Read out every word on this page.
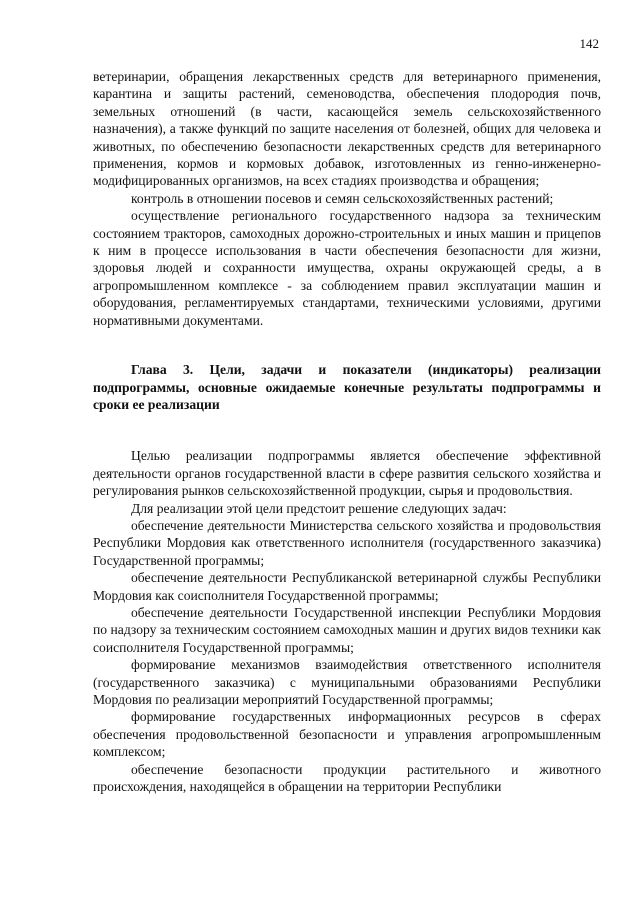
142

ветеринарии, обращения лекарственных средств для ветеринарного применения, карантина и защиты растений, семеноводства, обеспечения плодородия почв, земельных отношений (в части, касающейся земель сельскохозяйственного назначения), а также функций по защите населения от болезней, общих для человека и животных, по обеспечению безопасности лекарственных средств для ветеринарного применения, кормов и кормовых добавок, изготовленных из генно-инженерно-модифицированных организмов, на всех стадиях производства и обращения;

контроль в отношении посевов и семян сельскохозяйственных растений;

осуществление регионального государственного надзора за техническим состоянием тракторов, самоходных дорожно-строительных и иных машин и прицепов к ним в процессе использования в части обеспечения безопасности для жизни, здоровья людей и сохранности имущества, охраны окружающей среды, а в агропромышленном комплексе - за соблюдением правил эксплуатации машин и оборудования, регламентируемых стандартами, техническими условиями, другими нормативными документами.

Глава 3. Цели, задачи и показатели (индикаторы) реализации подпрограммы, основные ожидаемые конечные результаты подпрограммы и сроки ее реализации

Целью реализации подпрограммы является обеспечение эффективной деятельности органов государственной власти в сфере развития сельского хозяйства и регулирования рынков сельскохозяйственной продукции, сырья и продовольствия.

Для реализации этой цели предстоит решение следующих задач:

обеспечение деятельности Министерства сельского хозяйства и продовольствия Республики Мордовия как ответственного исполнителя (государственного заказчика) Государственной программы;

обеспечение деятельности Республиканской ветеринарной службы Республики Мордовия как соисполнителя Государственной программы;

обеспечение деятельности Государственной инспекции Республики Мордовия по надзору за техническим состоянием самоходных машин и других видов техники как соисполнителя Государственной программы;

формирование механизмов взаимодействия ответственного исполнителя (государственного заказчика) с муниципальными образованиями Республики Мордовия по реализации мероприятий Государственной программы;

формирование государственных информационных ресурсов в сферах обеспечения продовольственной безопасности и управления агропромышленным комплексом;

обеспечение безопасности продукции растительного и животного происхождения, находящейся в обращении на территории Республики
